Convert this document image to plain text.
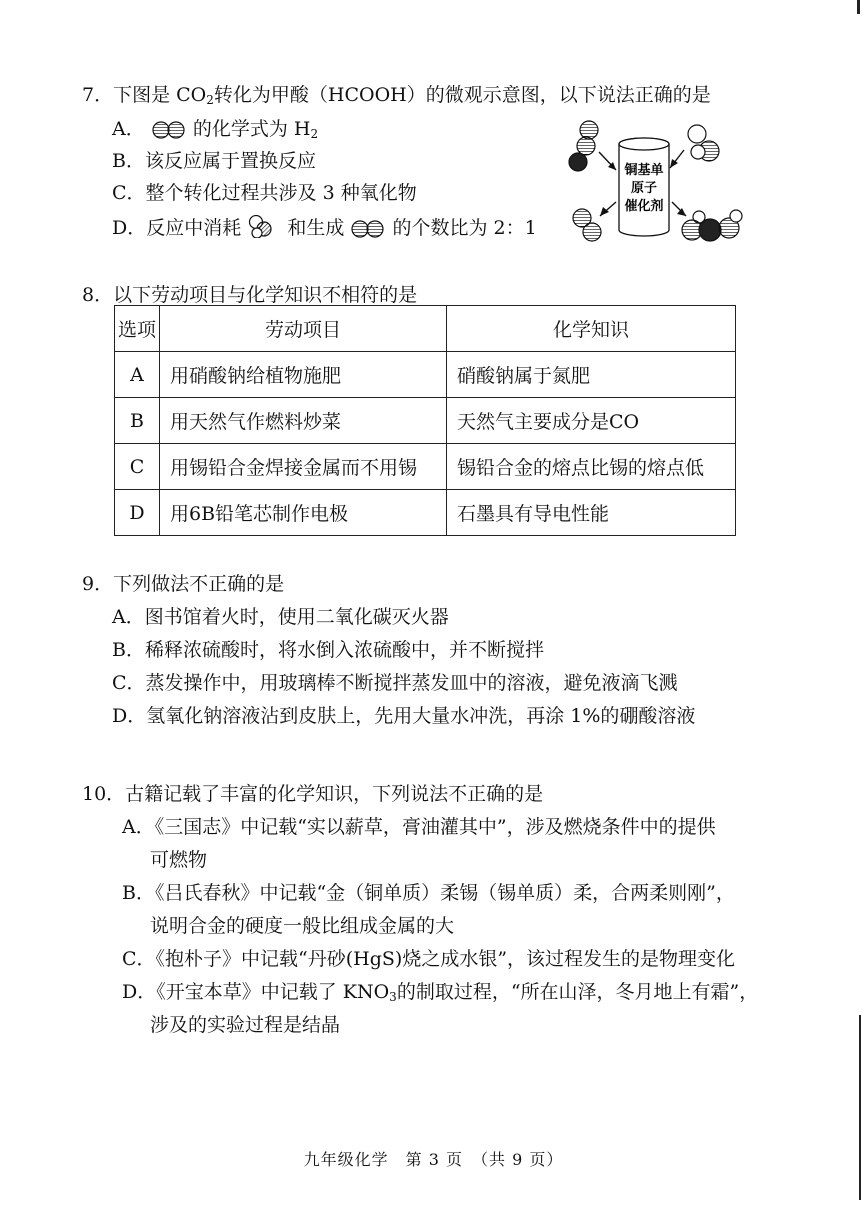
7．下图是 $CO_2$转化为甲酸（HCOOH）的微观示意图，以下说法正确的是
A．	的化学式为 $H_2$
B．该反应属于置换反应
C．整个转化过程共涉及 3 种氧化物
D．反应中消耗 和生成	的个数比为 2：1
铜基单
原子
催化剂
8．以下劳动项目与化学知识不相符的是
选项	劳动项目	化学知识
A	用硝酸钠给植物施肥	硝酸钠属于氮肥
B	用天然气作燃料炒菜	天然气主要成分是CO
C	用锡铅合金焊接金属而不用锡	锡铅合金的熔点比锡的熔点低
D	用6B铅笔芯制作电极	石墨具有导电性能
9．下列做法不正确的是
A．图书馆着火时，使用二氧化碳灭火器
B．稀释浓硫酸时，将水倒入浓硫酸中，并不断搅拌
C．蒸发操作中，用玻璃棒不断搅拌蒸发皿中的溶液，避免液滴飞溅
D．氢氧化钠溶液沾到皮肤上，先用大量水冲洗，再涂 1%的硼酸溶液
10．古籍记载了丰富的化学知识，下列说法不正确的是
A．《三国志》中记载“实以薪草，膏油灌其中”，涉及燃烧条件中的提供
可燃物
B．《吕氏春秋》中记载“金（铜单质）柔锡（锡单质）柔，合两柔则刚”，
说明合金的硬度一般比组成金属的大
C．《抱朴子》中记载“丹砂(HgS)烧之成水银”，该过程发生的是物理变化
D．《开宝本草》中记载了 $KNO_3$的制取过程，“所在山泽，冬月地上有霜”，
涉及的实验过程是结晶
九年级化学　第 3 页　（共 9 页）
